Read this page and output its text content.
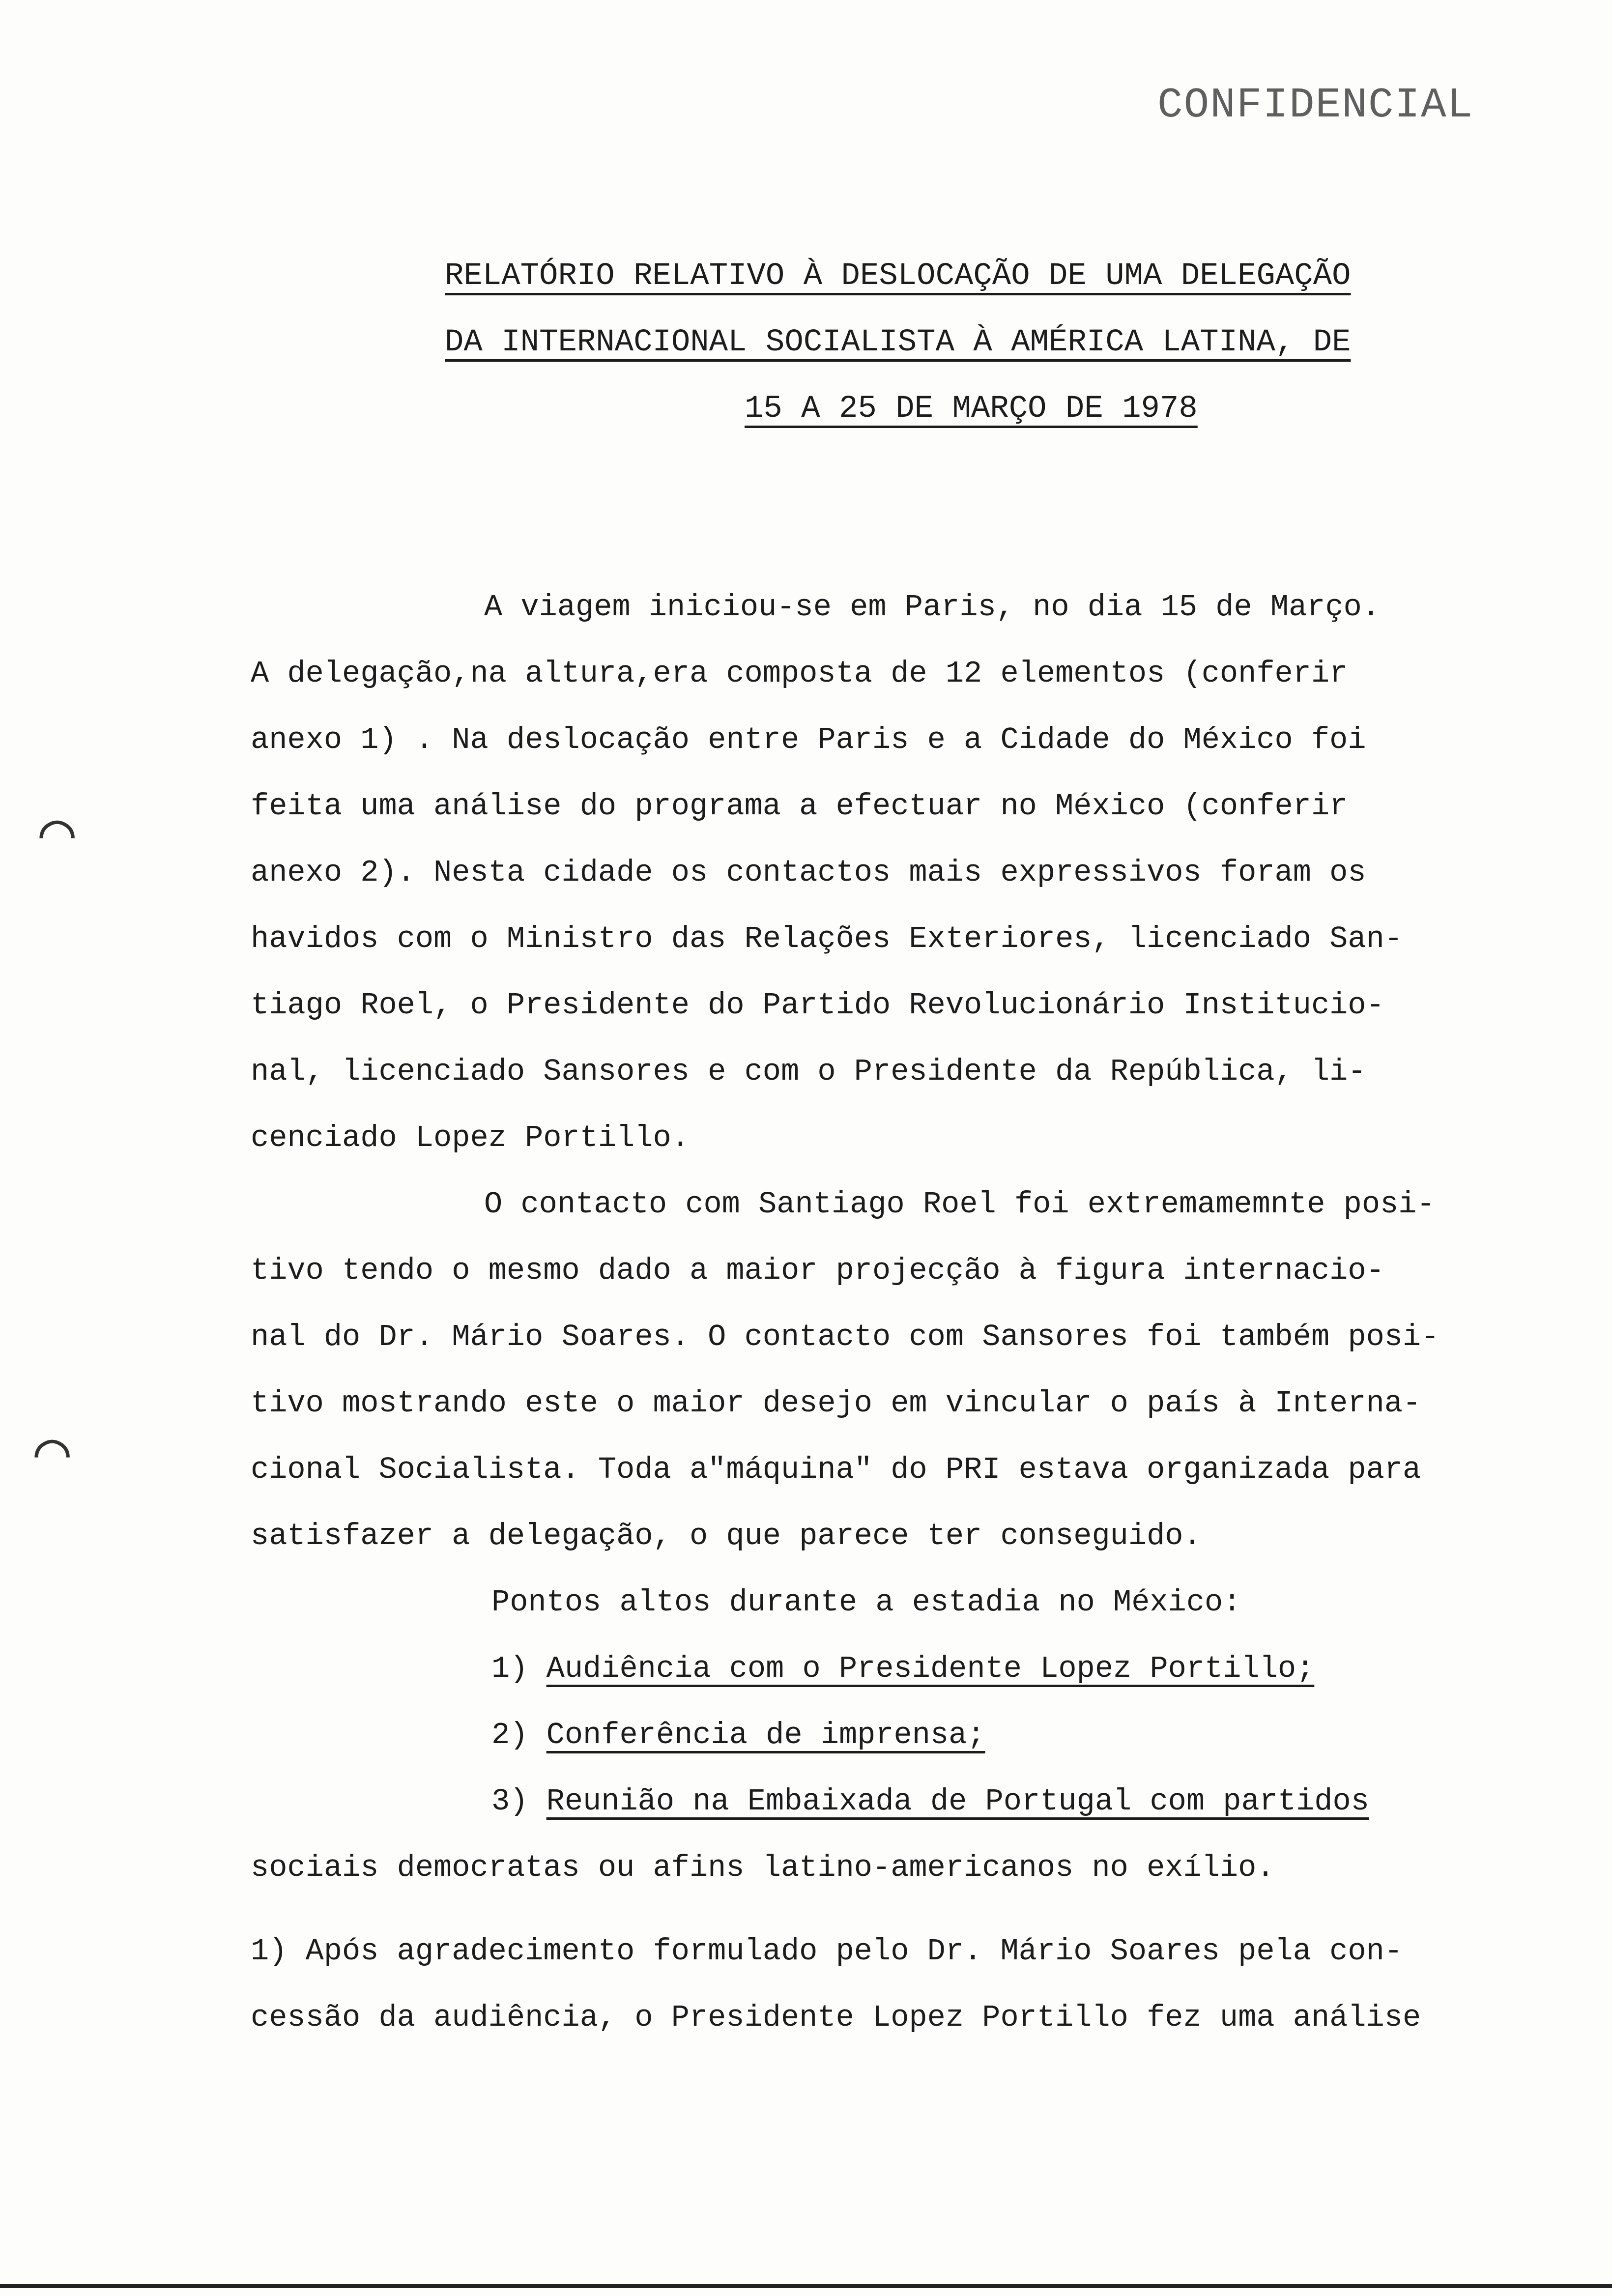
CONFIDENCIAL
RELATÓRIO RELATIVO À DESLOCAÇÃO DE UMA DELEGAÇÃO
DA INTERNACIONAL SOCIALISTA À AMÉRICA LATINA, DE
15 A 25 DE MARÇO DE 1978
A viagem iniciou-se em Paris, no dia 15 de Março.
A delegação,na altura,era composta de 12 elementos (conferir
anexo 1) . Na deslocação entre Paris e a Cidade do México foi
feita uma análise do programa a efectuar no México (conferir
anexo 2). Nesta cidade os contactos mais expressivos foram os
havidos com o Ministro das Relações Exteriores, licenciado San-
tiago Roel, o Presidente do Partido Revolucionário Institucio-
nal, licenciado Sansores e com o Presidente da República, li-
cenciado Lopez Portillo.
O contacto com Santiago Roel foi extremamemnte posi-
tivo tendo o mesmo dado a maior projecção à figura internacio-
nal do Dr. Mário Soares. O contacto com Sansores foi também posi-
tivo mostrando este o maior desejo em vincular o país à Interna-
cional Socialista. Toda a"máquina" do PRI estava organizada para
satisfazer a delegação, o que parece ter conseguido.
Pontos altos durante a estadia no México:
1) Audiência com o Presidente Lopez Portillo;
2) Conferência de imprensa;
3) Reunião na Embaixada de Portugal com partidos
sociais democratas ou afins latino-americanos no exílio.
1) Após agradecimento formulado pelo Dr. Mário Soares pela con-
cessão da audiência, o Presidente Lopez Portillo fez uma análise
⌒
⌒
